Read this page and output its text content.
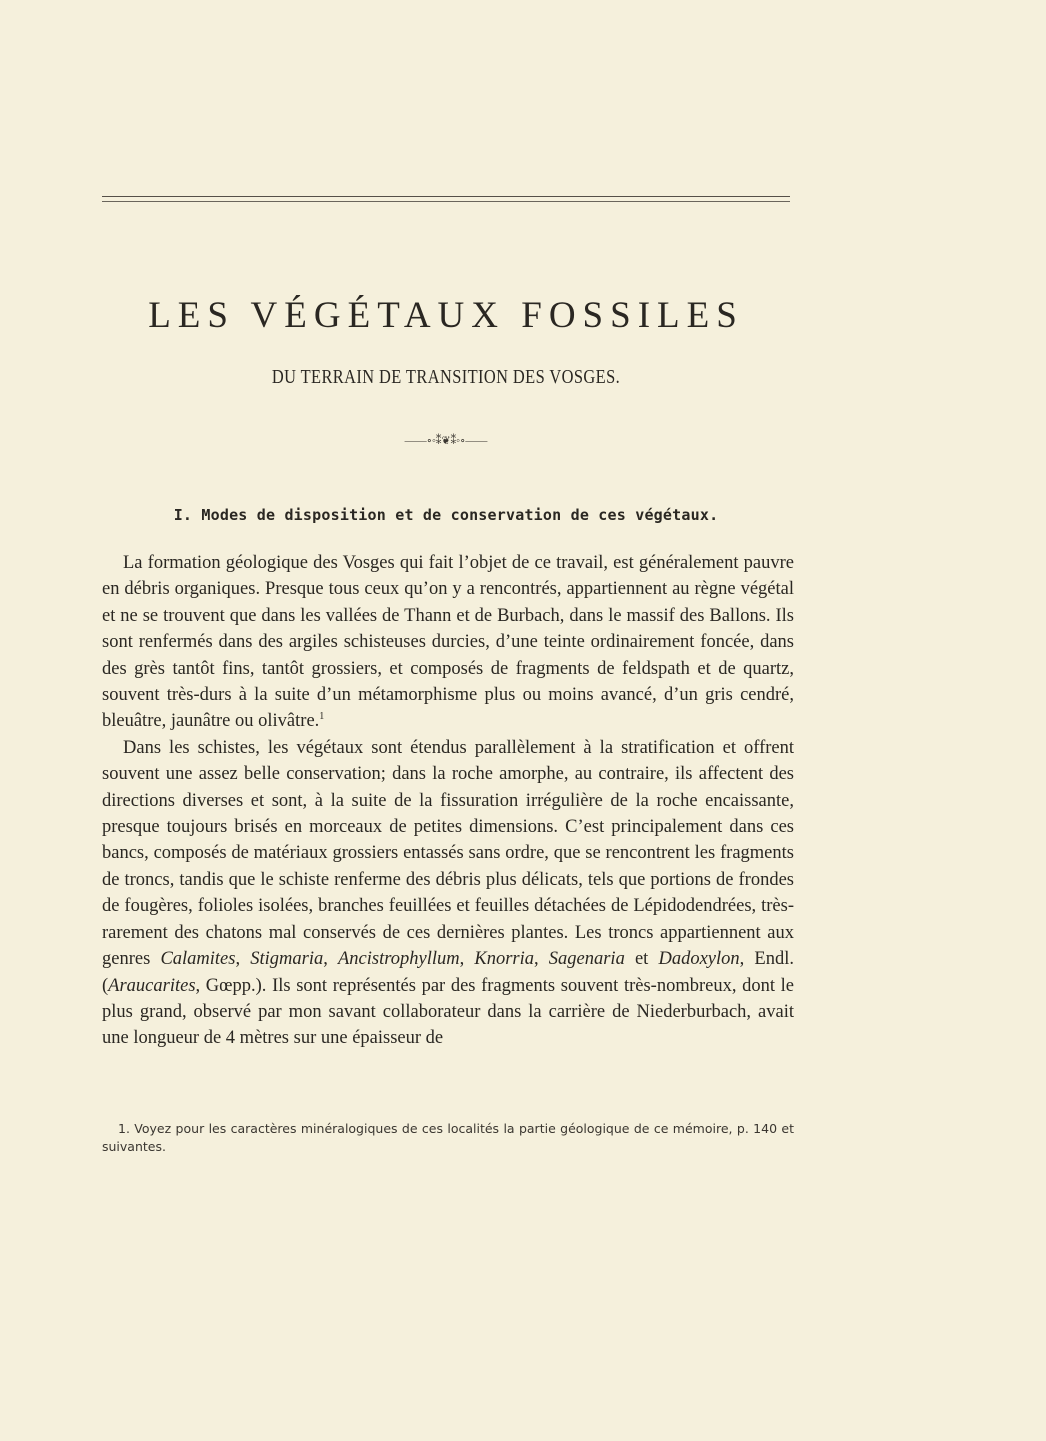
LES VÉGÉTAUX FOSSILES
DU TERRAIN DE TRANSITION DES VOSGES.
——∘◦⁑❦⁑◦∘——
I. Modes de disposition et de conservation de ces végétaux.

La formation géologique des Vosges qui fait l’objet de ce travail, est généralement pauvre en débris organiques. Presque tous ceux qu’on y a rencontrés, appartiennent au règne végétal et ne se trouvent que dans les vallées de Thann et de Burbach, dans le massif des Ballons. Ils sont renfermés dans des argiles schisteuses durcies, d’une teinte ordinairement foncée, dans des grès tantôt fins, tantôt grossiers, et composés de fragments de feldspath et de quartz, souvent très-durs à la suite d’un métamorphisme plus ou moins avancé, d’un gris cendré, bleuâtre, jaunâtre ou olivâtre.$^1$

Dans les schistes, les végétaux sont étendus parallèlement à la stratification et offrent souvent une assez belle conservation; dans la roche amorphe, au contraire, ils affectent des directions diverses et sont, à la suite de la fissuration irrégulière de la roche encaissante, presque toujours brisés en morceaux de petites dimensions. C’est principalement dans ces bancs, composés de matériaux grossiers entassés sans ordre, que se rencontrent les fragments de troncs, tandis que le schiste renferme des débris plus délicats, tels que portions de frondes de fougères, folioles isolées, branches feuillées et feuilles détachées de Lépidodendrées, très-rarement des chatons mal conservés de ces dernières plantes. Les troncs appartiennent aux genres Calamites, Stigmaria, Ancistrophyllum, Knorria, Sagenaria et Dadoxylon, Endl. (Araucarites, Gœpp.). Ils sont représentés par des fragments souvent très-nombreux, dont le plus grand, observé par mon savant collaborateur dans la carrière de Niederburbach, avait une longueur de 4 mètres sur une épaisseur de

1. Voyez pour les caractères minéralogiques de ces localités la partie géologique de ce mémoire, p. 140 et suivantes.
